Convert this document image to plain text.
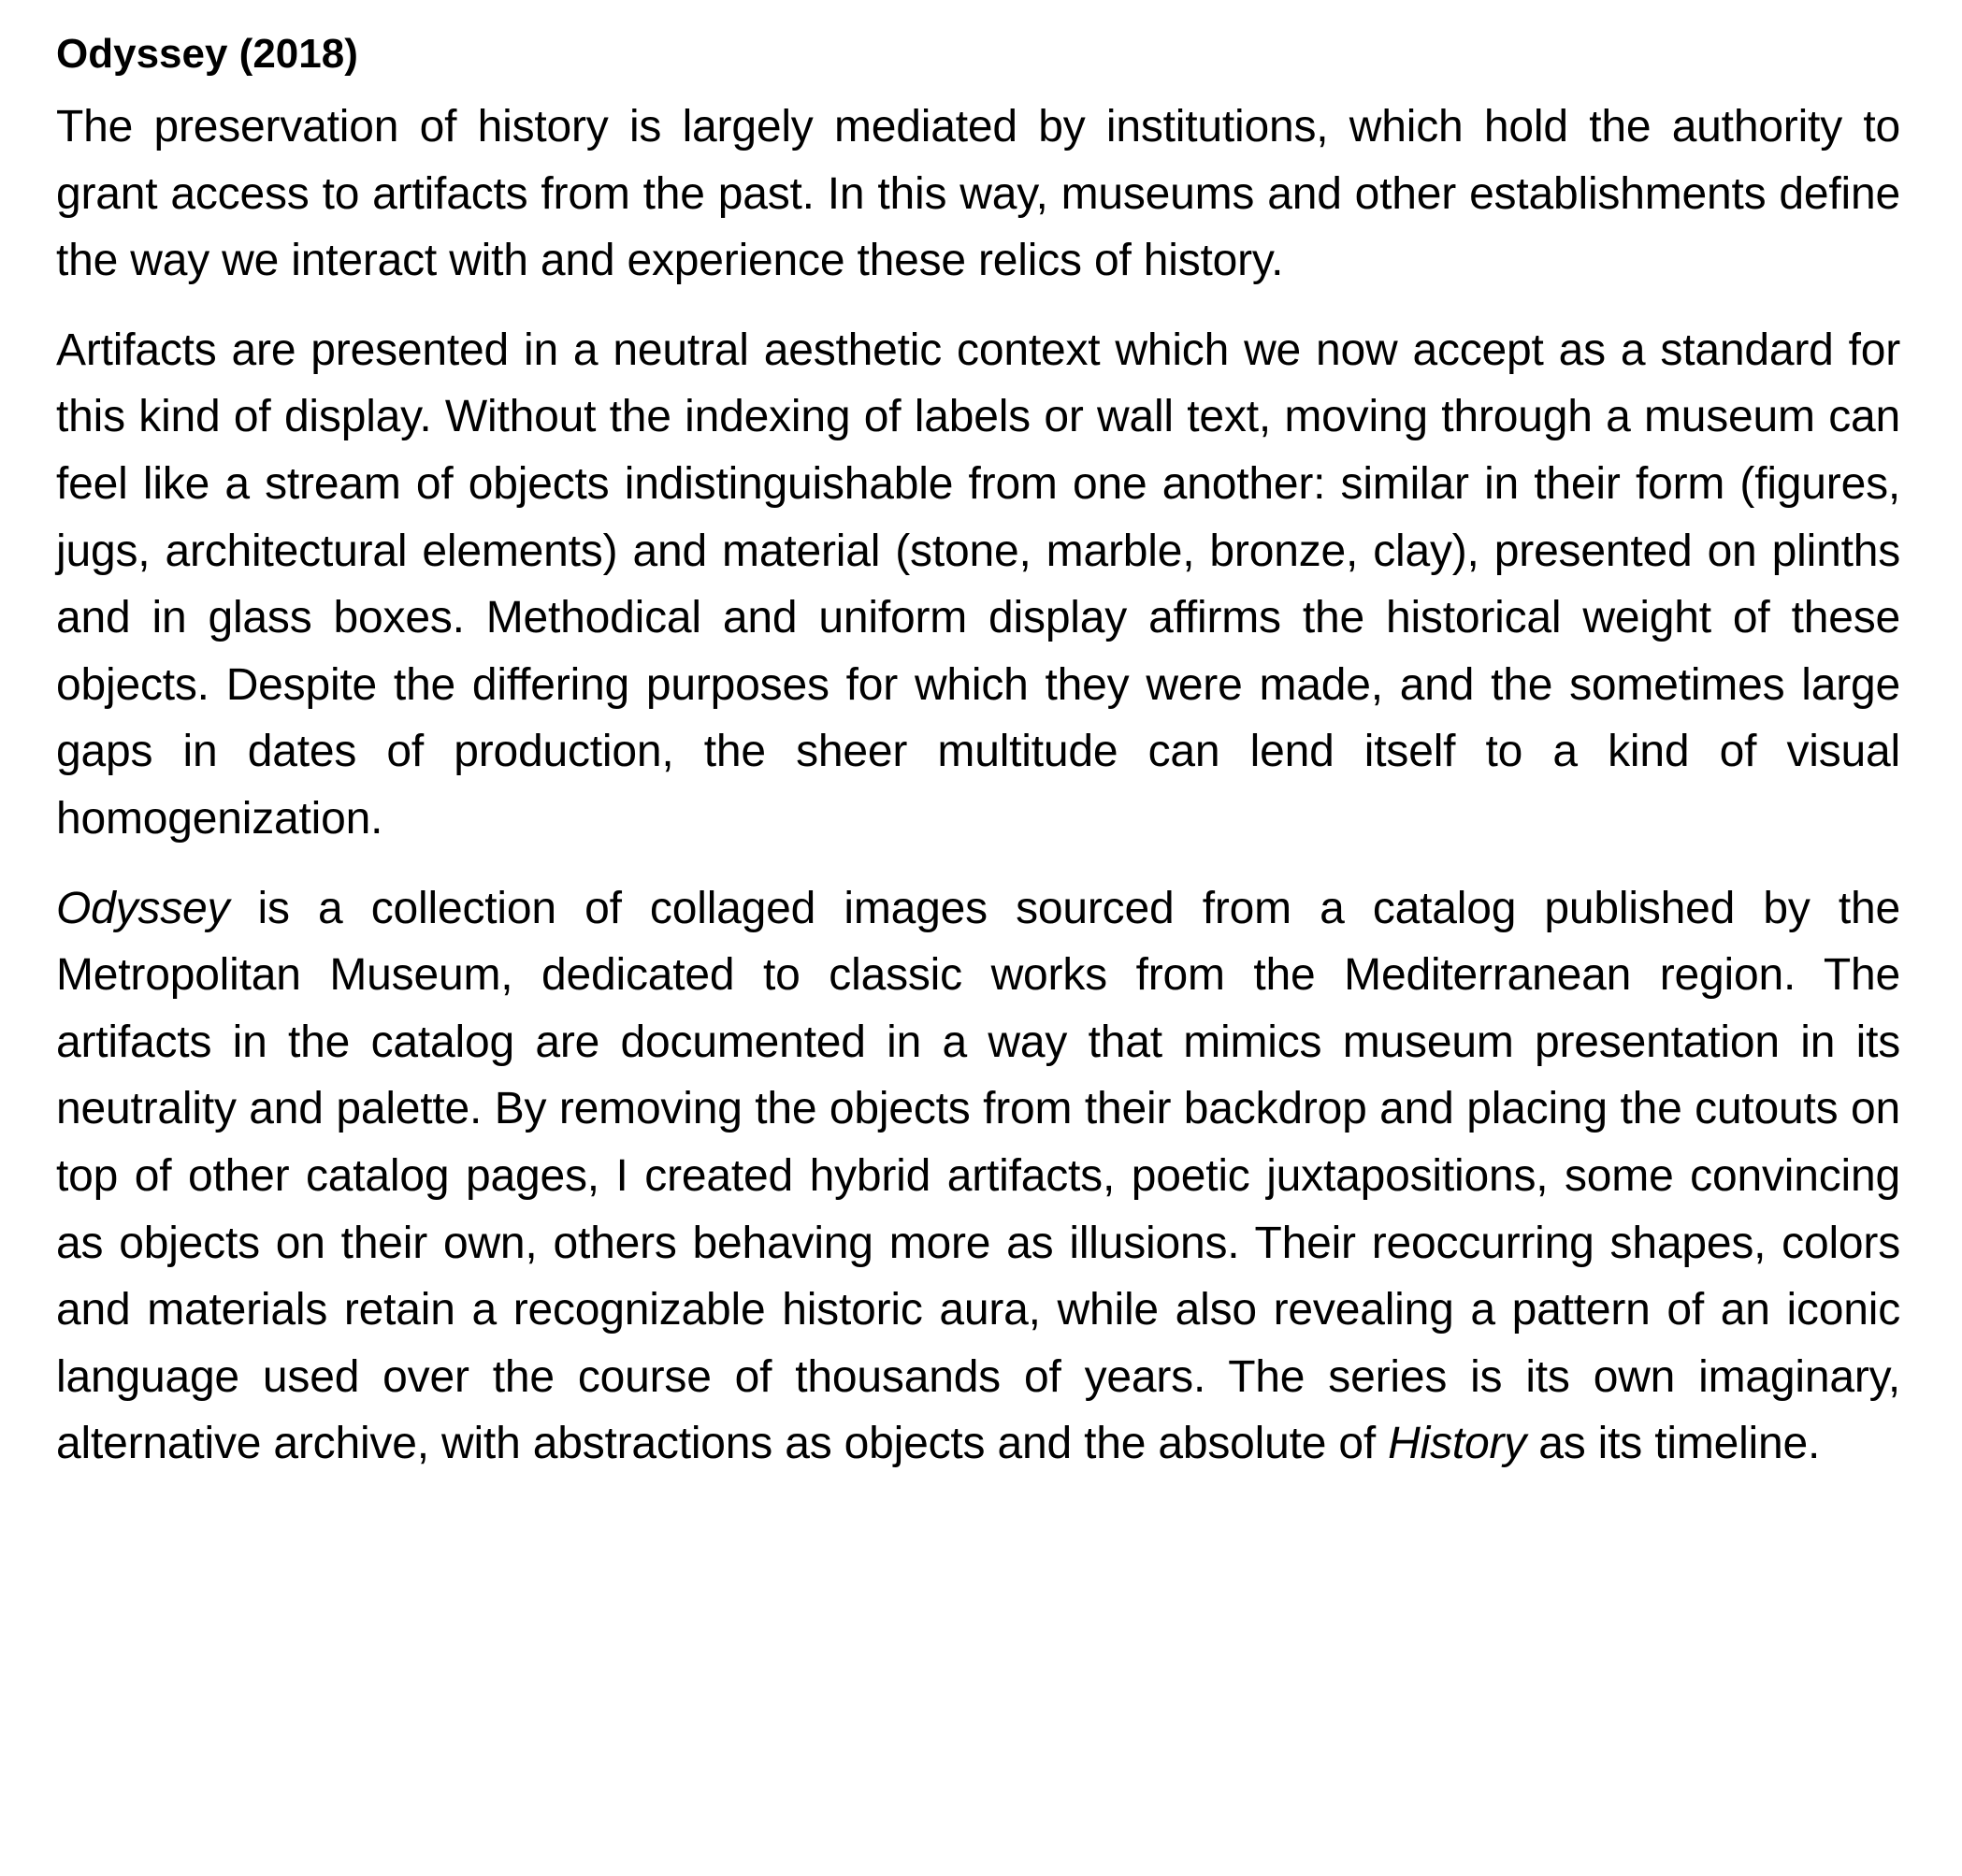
Odyssey (2018)

The preservation of history is largely mediated by institutions, which hold the authority to grant access to artifacts from the past. In this way, museums and other establishments define the way we interact with and experience these relics of history.

Artifacts are presented in a neutral aesthetic context which we now accept as a standard for this kind of display. Without the indexing of labels or wall text, moving through a museum can feel like a stream of objects indistinguishable from one another: similar in their form (figures, jugs, architectural elements) and material (stone, marble, bronze, clay), presented on plinths and in glass boxes. Methodical and uniform display affirms the historical weight of these objects. Despite the differing purposes for which they were made, and the sometimes large gaps in dates of production, the sheer multitude can lend itself to a kind of visual homogenization.

Odyssey is a collection of collaged images sourced from a catalog published by the Metropolitan Museum, dedicated to classic works from the Mediterranean region. The artifacts in the catalog are documented in a way that mimics museum presentation in its neutrality and palette. By removing the objects from their backdrop and placing the cutouts on top of other catalog pages, I created hybrid artifacts, poetic juxtapositions, some convincing as objects on their own, others behaving more as illusions. Their reoccurring shapes, colors and materials retain a recognizable historic aura, while also revealing a pattern of an iconic language used over the course of thousands of years. The series is its own imaginary, alternative archive, with abstractions as objects and the absolute of History as its timeline.
